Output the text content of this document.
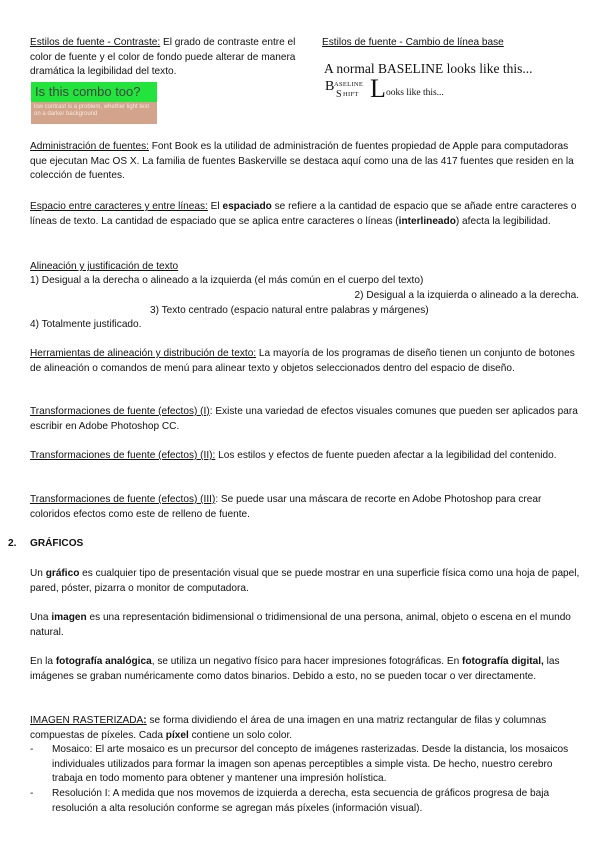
Estilos de fuente - Contraste: El grado de contraste entre el color de fuente y el color de fondo puede alterar de manera dramática la legibilidad del texto.

Is this combo too?
low contrast is a problem, whether light text on a darker background
Estilos de fuente - Cambio de línea base
A normal BASELINE looks like this...
B ASELINE
S HIFT L ooks like this...

Administración de fuentes: Font Book es la utilidad de administración de fuentes propiedad de Apple para computadoras que ejecutan Mac OS X. La familia de fuentes Baskerville se destaca aquí como una de las 417 fuentes que residen en la colección de fuentes.

Espacio entre caracteres y entre líneas: El espaciado se refiere a la cantidad de espacio que se añade entre caracteres o líneas de texto. La cantidad de espaciado que se aplica entre caracteres o líneas (interlineado) afecta la legibilidad.

Alineación y justificación de texto
1) Desigual a la derecha o alineado a la izquierda (el más común en el cuerpo del texto)
2) Desigual a la izquierda o alineado a la derecha.
3) Texto centrado (espacio natural entre palabras y márgenes)
4) Totalmente justificado.

Herramientas de alineación y distribución de texto: La mayoría de los programas de diseño tienen un conjunto de botones de alineación o comandos de menú para alinear texto y objetos seleccionados dentro del espacio de diseño.

Transformaciones de fuente (efectos) (I): Existe una variedad de efectos visuales comunes que pueden ser aplicados para escribir en Adobe Photoshop CC.

Transformaciones de fuente (efectos) (II): Los estilos y efectos de fuente pueden afectar a la legibilidad del contenido.

Transformaciones de fuente (efectos) (III): Se puede usar una máscara de recorte en Adobe Photoshop para crear coloridos efectos como este de relleno de fuente.

2. GRÁFICOS

Un gráfico es cualquier tipo de presentación visual que se puede mostrar en una superficie física como una hoja de papel, pared, póster, pizarra o monitor de computadora.

Una imagen es una representación bidimensional o tridimensional de una persona, animal, objeto o escena en el mundo natural.

En la fotografía analógica, se utiliza un negativo físico para hacer impresiones fotográficas. En fotografía digital, las imágenes se graban numéricamente como datos binarios. Debido a esto, no se pueden tocar o ver directamente.

IMAGEN RASTERIZADA: se forma dividiendo el área de una imagen en una matriz rectangular de filas y columnas compuestas de píxeles. Cada píxel contiene un solo color.

- Mosaico: El arte mosaico es un precursor del concepto de imágenes rasterizadas. Desde la distancia, los mosaicos individuales utilizados para formar la imagen son apenas perceptibles a simple vista. De hecho, nuestro cerebro trabaja en todo momento para obtener y mantener una impresión holística.
- Resolución I: A medida que nos movemos de izquierda a derecha, esta secuencia de gráficos progresa de baja resolución a alta resolución conforme se agregan más píxeles (información visual).
